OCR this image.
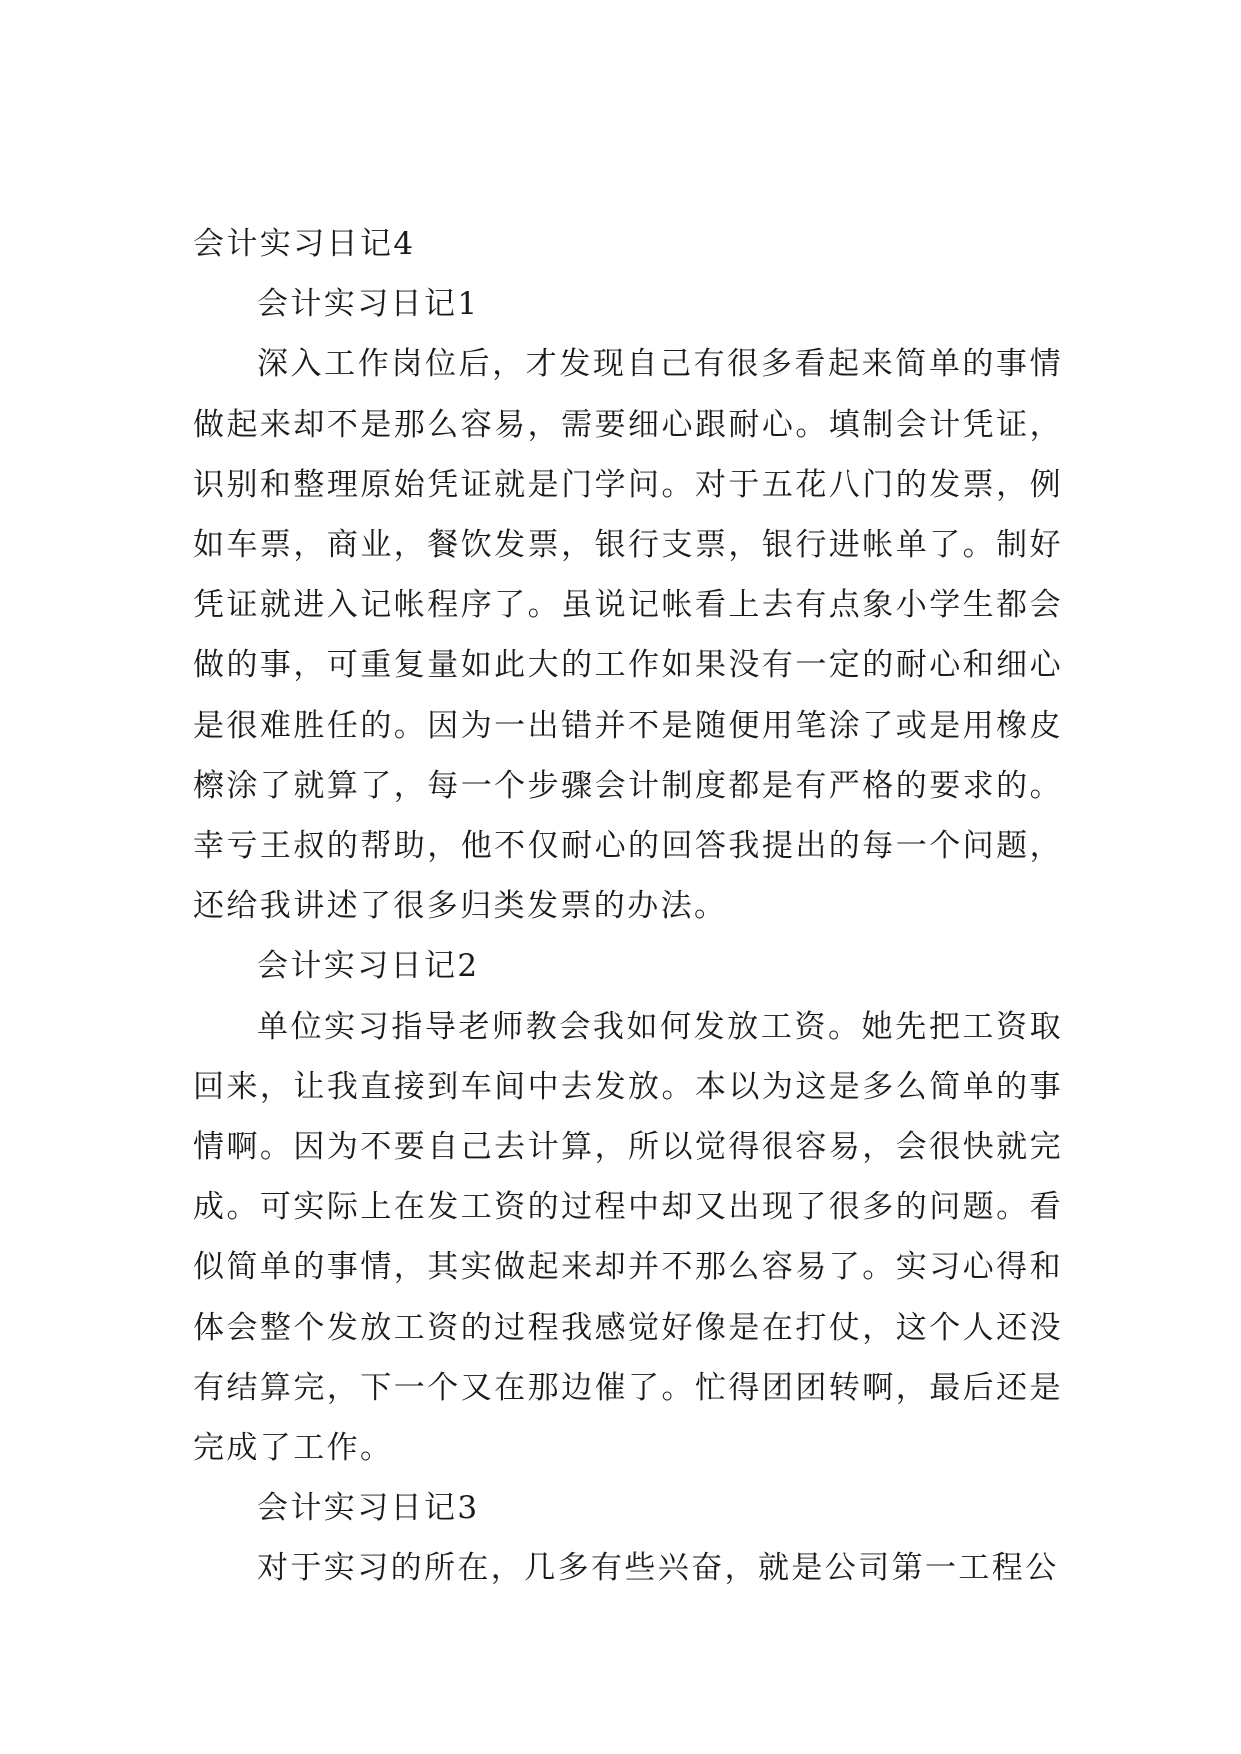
会计实习日记4
会计实习日记1

深入工作岗位后，才发现自己有很多看起来简单的事情做起来却不是那么容易，需要细心跟耐心。填制会计凭证，识别和整理原始凭证就是门学问。对于五花八门的发票，例如车票，商业，餐饮发票，银行支票，银行进帐单了。制好凭证就进入记帐程序了。虽说记帐看上去有点象小学生都会做的事，可重复量如此大的工作如果没有一定的耐心和细心是很难胜任的。因为一出错并不是随便用笔涂了或是用橡皮檫涂了就算了，每一个步骤会计制度都是有严格的要求的。幸亏王叔的帮助，他不仅耐心的回答我提出的每一个问题，还给我讲述了很多归类发票的办法。

会计实习日记2

单位实习指导老师教会我如何发放工资。她先把工资取回来，让我直接到车间中去发放。本以为这是多么简单的事情啊。因为不要自己去计算，所以觉得很容易，会很快就完成。可实际上在发工资的过程中却又出现了很多的问题。看似简单的事情，其实做起来却并不那么容易了。实习心得和体会整个发放工资的过程我感觉好像是在打仗，这个人还没有结算完，下一个又在那边催了。忙得团团转啊，最后还是完成了工作。

会计实习日记3

对于实习的所在，几多有些兴奋，就是公司第一工程公
